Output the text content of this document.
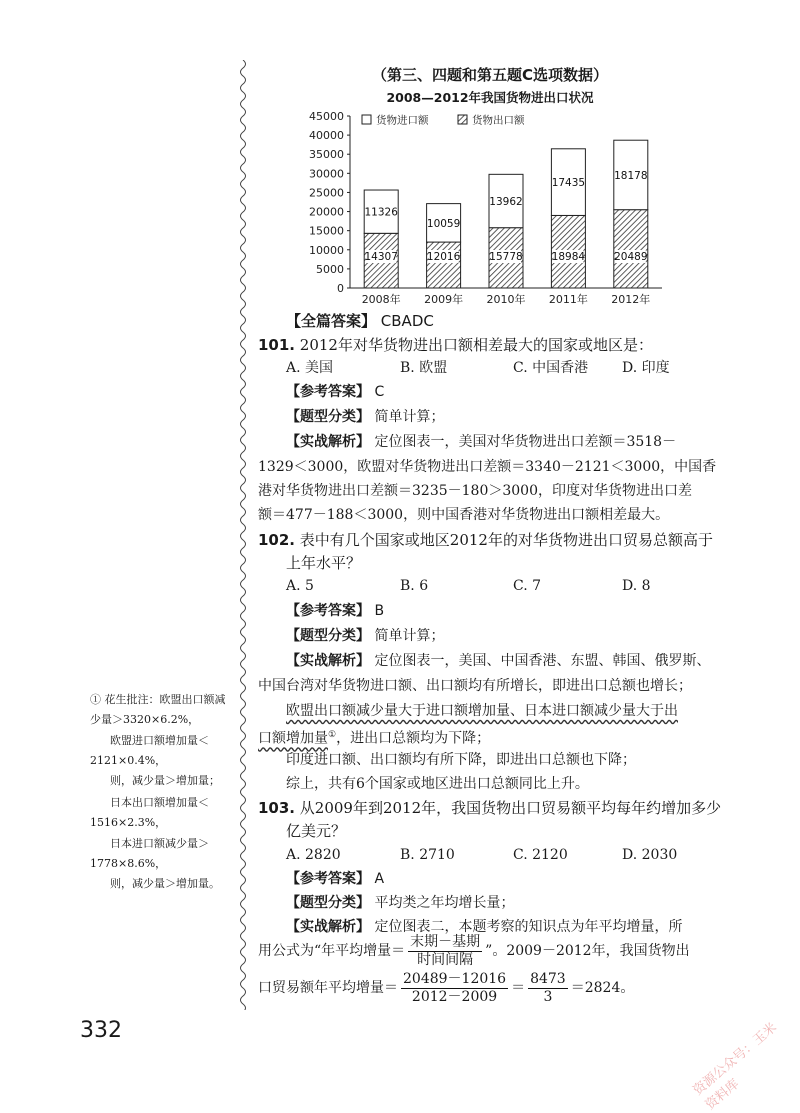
（第三、四题和第五题C选项数据）
2008—2012年我国货物进出口状况
0
5000
10000
15000
20000
25000
30000
35000
40000
45000	货物进口额	货物出口额
14307
11326
2008年
12016
10059
2009年
15778
13962
2010年
18984
17435
2011年
20489
18178
2012年
【全篇答案】 CBADC
101. 2012年对华货物进出口额相差最大的国家或地区是：
A. 美国	B. 欧盟	C. 中国香港 D. 印度
【参考答案】 C
【题型分类】 简单计算；
【实战解析】 定位图表一，美国对华货物进出口差额＝3518－
1329＜3000，欧盟对华货物进出口差额＝3340－2121＜3000，中国香
港对华货物进出口差额＝3235－180＞3000，印度对华货物进出口差
额＝477－188＜3000，则中国香港对华货物进出口额相差最大。
102. 表中有几个国家或地区2012年的对华货物进出口贸易总额高于
上年水平？
A. 5	B. 6	C. 7	D. 8
【参考答案】 B
【题型分类】 简单计算；
【实战解析】 定位图表一，美国、中国香港、东盟、韩国、俄罗斯、
中国台湾对华货物进口额、出口额均有所增长，即进出口总额也增长；
欧盟出口额减少量大于进口额增加量、日本进口额减少量大于出
口额增加量①，进出口总额均为下降；
印度进口额、出口额均有所下降，即进出口总额也下降；
综上，共有6个国家或地区进出口总额同比上升。
103. 从2009年到2012年，我国货物出口贸易额平均每年约增加多少
亿美元？
A. 2820	B. 2710	C. 2120	D. 2030
【参考答案】 A
【题型分类】 平均类之年均增长量；
【实战解析】 定位图表二，本题考察的知识点为年平均增量，所
用公式为“年平均增量＝ $\frac{\text{末期－基期}}{\text{时间间隔}}$ ”。2009－2012年，我国货物出
口贸易额年平均增量＝ $\frac{20489-12016}{2012-2009} = \frac{8473}{3} =2824$。
① 花生批注：欧盟出口额减
少量＞3320×6.2%，
欧盟进口额增加量＜
2121×0.4%，
则，减少量＞增加量；
日本出口额增加量＜
1516×2.3%，
日本进口额减少量＞
1778×8.6%，
则，减少量＞增加量。
332	资源公众号：玉米资料库
